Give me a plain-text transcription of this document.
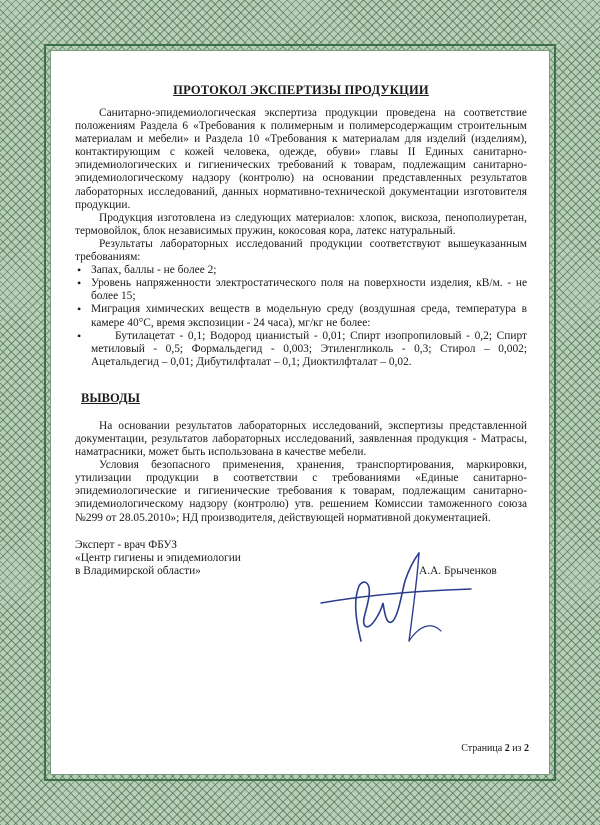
ПРОТОКОЛ ЭКСПЕРТИЗЫ ПРОДУКЦИИ

Санитарно-эпидемиологическая экспертиза продукции проведена на соответствие положениям Раздела 6 «Требования к полимерным и полимерсодержащим строительным материалам и мебели» и Раздела 10 «Требования к материалам для изделий (изделиям), контактирующим с кожей человека, одежде, обуви» главы II Единых санитарно-эпидемиологических и гигиенических требований к товарам, подлежащим санитарно-эпидемиологическому надзору (контролю) на основании представленных результатов лабораторных исследований, данных нормативно-технической документации изготовителя продукции.

Продукция изготовлена из следующих материалов: хлопок, вискоза, пенополиуретан, термовойлок, блок независимых пружин, кокосовая кора, латекс натуральный.

Результаты лабораторных исследований продукции соответствуют вышеуказанным требованиям:

• Запах, баллы - не более 2;
• Уровень напряженности электростатического поля на поверхности изделия, кВ/м. - не более 15;
• Миграция химических веществ в модельную среду (воздушная среда, температура в камере 40°С, время экспозиции - 24 часа), мг/кг не более:

• Бутилацетат - 0,1; Водород цианистый - 0,01; Спирт изопропиловый - 0,2; Спирт метиловый - 0,5; Формальдегид - 0,003; Этиленгликоль - 0,3; Стирол – 0,002; Ацетальдегид – 0,01; Дибутилфталат – 0,1; Диоктилфталат – 0,02.

ВЫВОДЫ

На основании результатов лабораторных исследований, экспертизы представленной документации, результатов лабораторных исследований, заявленная продукция - Матрасы, наматрасники, может быть использована в качестве мебели.

Условия безопасного применения, хранения, транспортирования, маркировки, утилизации продукции в соответствии с требованиями «Единые санитарно-эпидемиологические и гигиенические требования к товарам, подлежащим санитарно-эпидемиологическому надзору (контролю) утв. решением Комиссии таможенного союза №299 от 28.05.2010»; НД производителя, действующей нормативной документацией.

Эксперт - врач ФБУЗ
«Центр гигиены и эпидемиологии
в Владимирской области»	А.А. Брыченков
Страница 2 из 2
